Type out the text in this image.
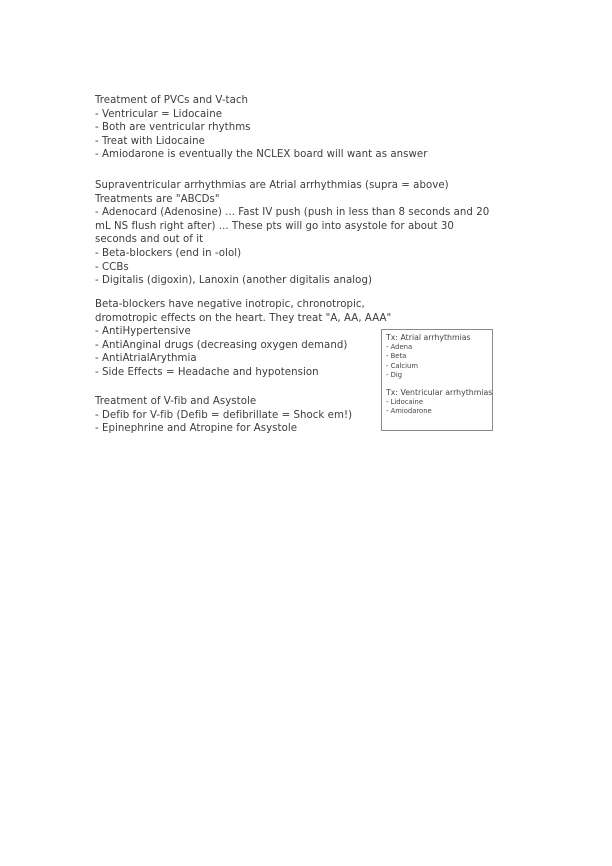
Treatment of PVCs and V-tach
- Ventricular = Lidocaine
- Both are ventricular rhythms
- Treat with Lidocaine
- Amiodarone is eventually the NCLEX board will want as answer
Supraventricular arrhythmias are Atrial arrhythmias (supra = above) Treatments are "ABCDs"
- Adenocard (Adenosine) ... Fast IV push (push in less than 8 seconds and 20 mL NS flush right after) ... These pts will go into asystole for about 30 seconds and out of it
- Beta-blockers (end in -olol)
- CCBs
- Digitalis (digoxin), Lanoxin (another digitalis analog)
Beta-blockers have negative inotropic, chronotropic,
dromotropic effects on the heart. They treat "A, AA, AAA"
- AntiHypertensive
- AntiAnginal drugs (decreasing oxygen demand)
- AntiAtrialArythmia
- Side Effects = Headache and hypotension
Treatment of V-fib and Asystole
- Defib for V-fib (Defib = defibrillate = Shock em!)
- Epinephrine and Atropine for Asystole
Tx: Atrial arrhythmias
- Adena
- Beta
- Calcium
- Dig
Tx: Ventricular arrhythmias
- Lidocaine
- Amiodarone
